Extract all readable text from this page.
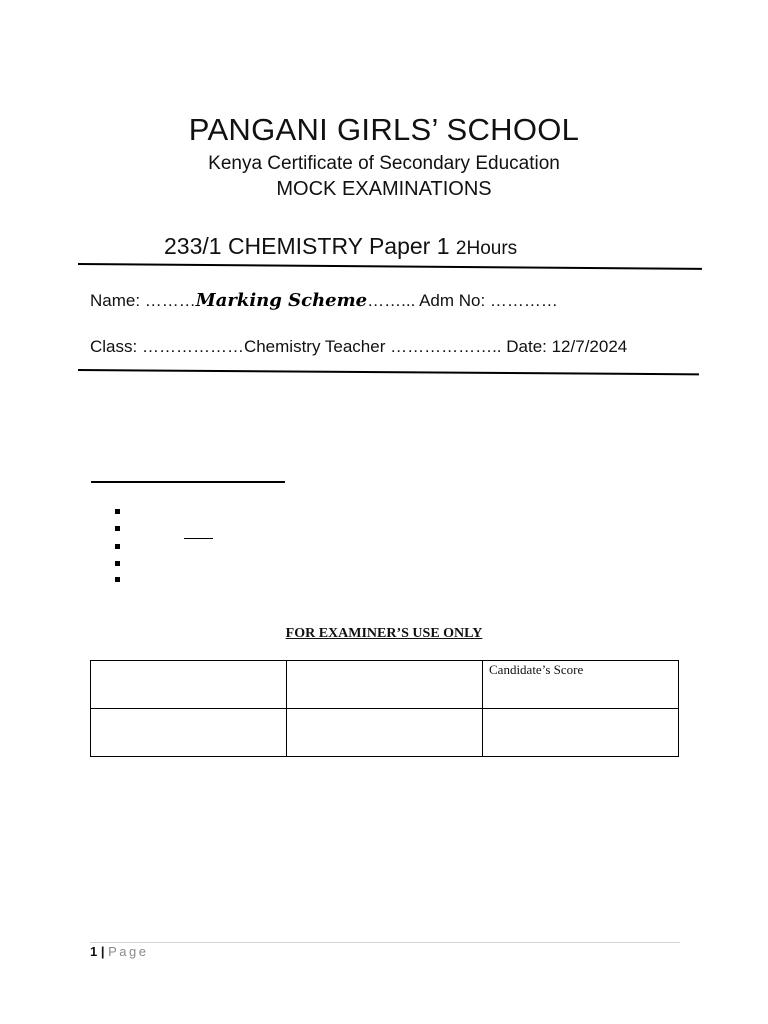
PANGANI GIRLS’ SCHOOL
Kenya Certificate of Secondary Education
MOCK EXAMINATIONS
233/1 CHEMISTRY Paper 1 2Hours
Name: ………Marking Scheme……... Adm No: …………
Class: ………………Chemistry Teacher ……………….. Date: 12/7/2024
FOR EXAMINER’S USE ONLY
		Candidate’s Score

1 | Page
